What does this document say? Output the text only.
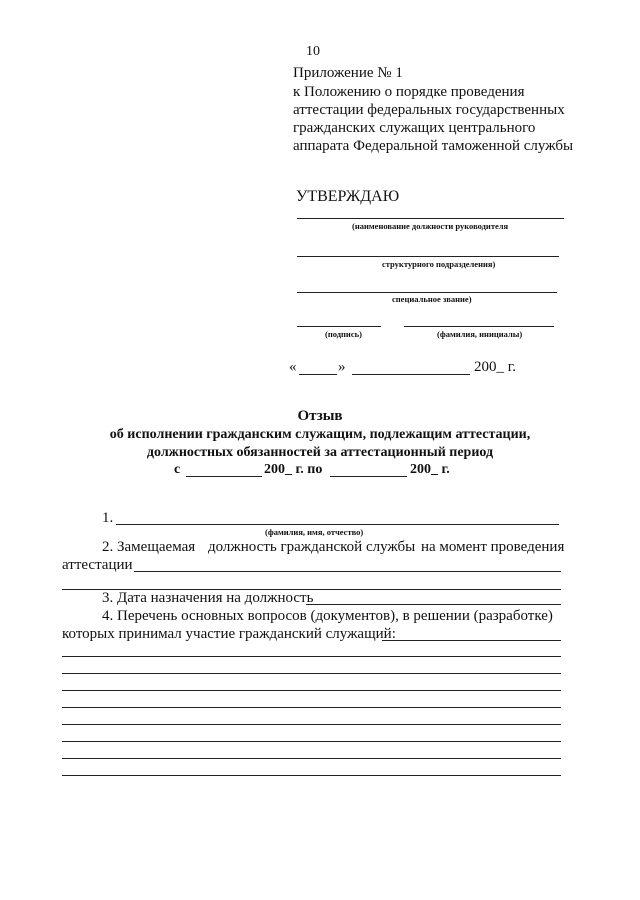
10
Приложение № 1
к Положению о порядке проведения
аттестации федеральных государственных
гражданских служащих центрального
аппарата Федеральной таможенной службы
УТВЕРЖДАЮ
(наименование должности руководителя
структурного подразделения)
специальное звание)
(подпись)	(фамилия, инициалы)
«	»	200_ г.
Отзыв
об исполнении гражданским служащим, подлежащим аттестации,
должностных обязанностей за аттестационный период
с	200_ г. по	200_ г.
1.
(фамилия, имя, отчество)
2. Замещаемая должность гражданской службы на момент проведения
аттестации
3. Дата назначения на должность
4. Перечень основных вопросов (документов), в решении (разработке)
которых принимал участие гражданский служащий:
